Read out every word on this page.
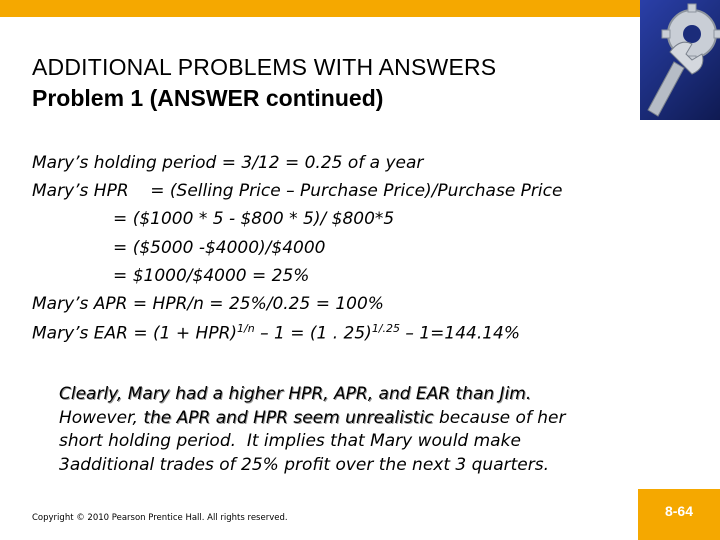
ADDITIONAL PROBLEMS WITH ANSWERS
Problem 1 (ANSWER continued)
Mary’s holding period = 3/12 = 0.25 of a year
Mary’s HPR    = (Selling Price – Purchase Price)/Purchase Price
= ($1000 * 5 - $800 * 5)/ $800*5
= ($5000 -$4000)/$4000
= $1000/$4000 = 25%
Mary’s APR = HPR/n = 25%/0.25 = 100%
Mary’s EAR = (1 + HPR)$^{1/n}$ – 1 = (1 . 25)$^{1/.25}$ – 1=144.14%
Clearly, Mary had a higher HPR, APR, and EAR than Jim.
However, the APR and HPR seem unrealistic because of her
short holding period.  It implies that Mary would make
3additional trades of 25% profit over the next 3 quarters.
Copyright © 2010 Pearson Prentice Hall. All rights reserved.	8-64
